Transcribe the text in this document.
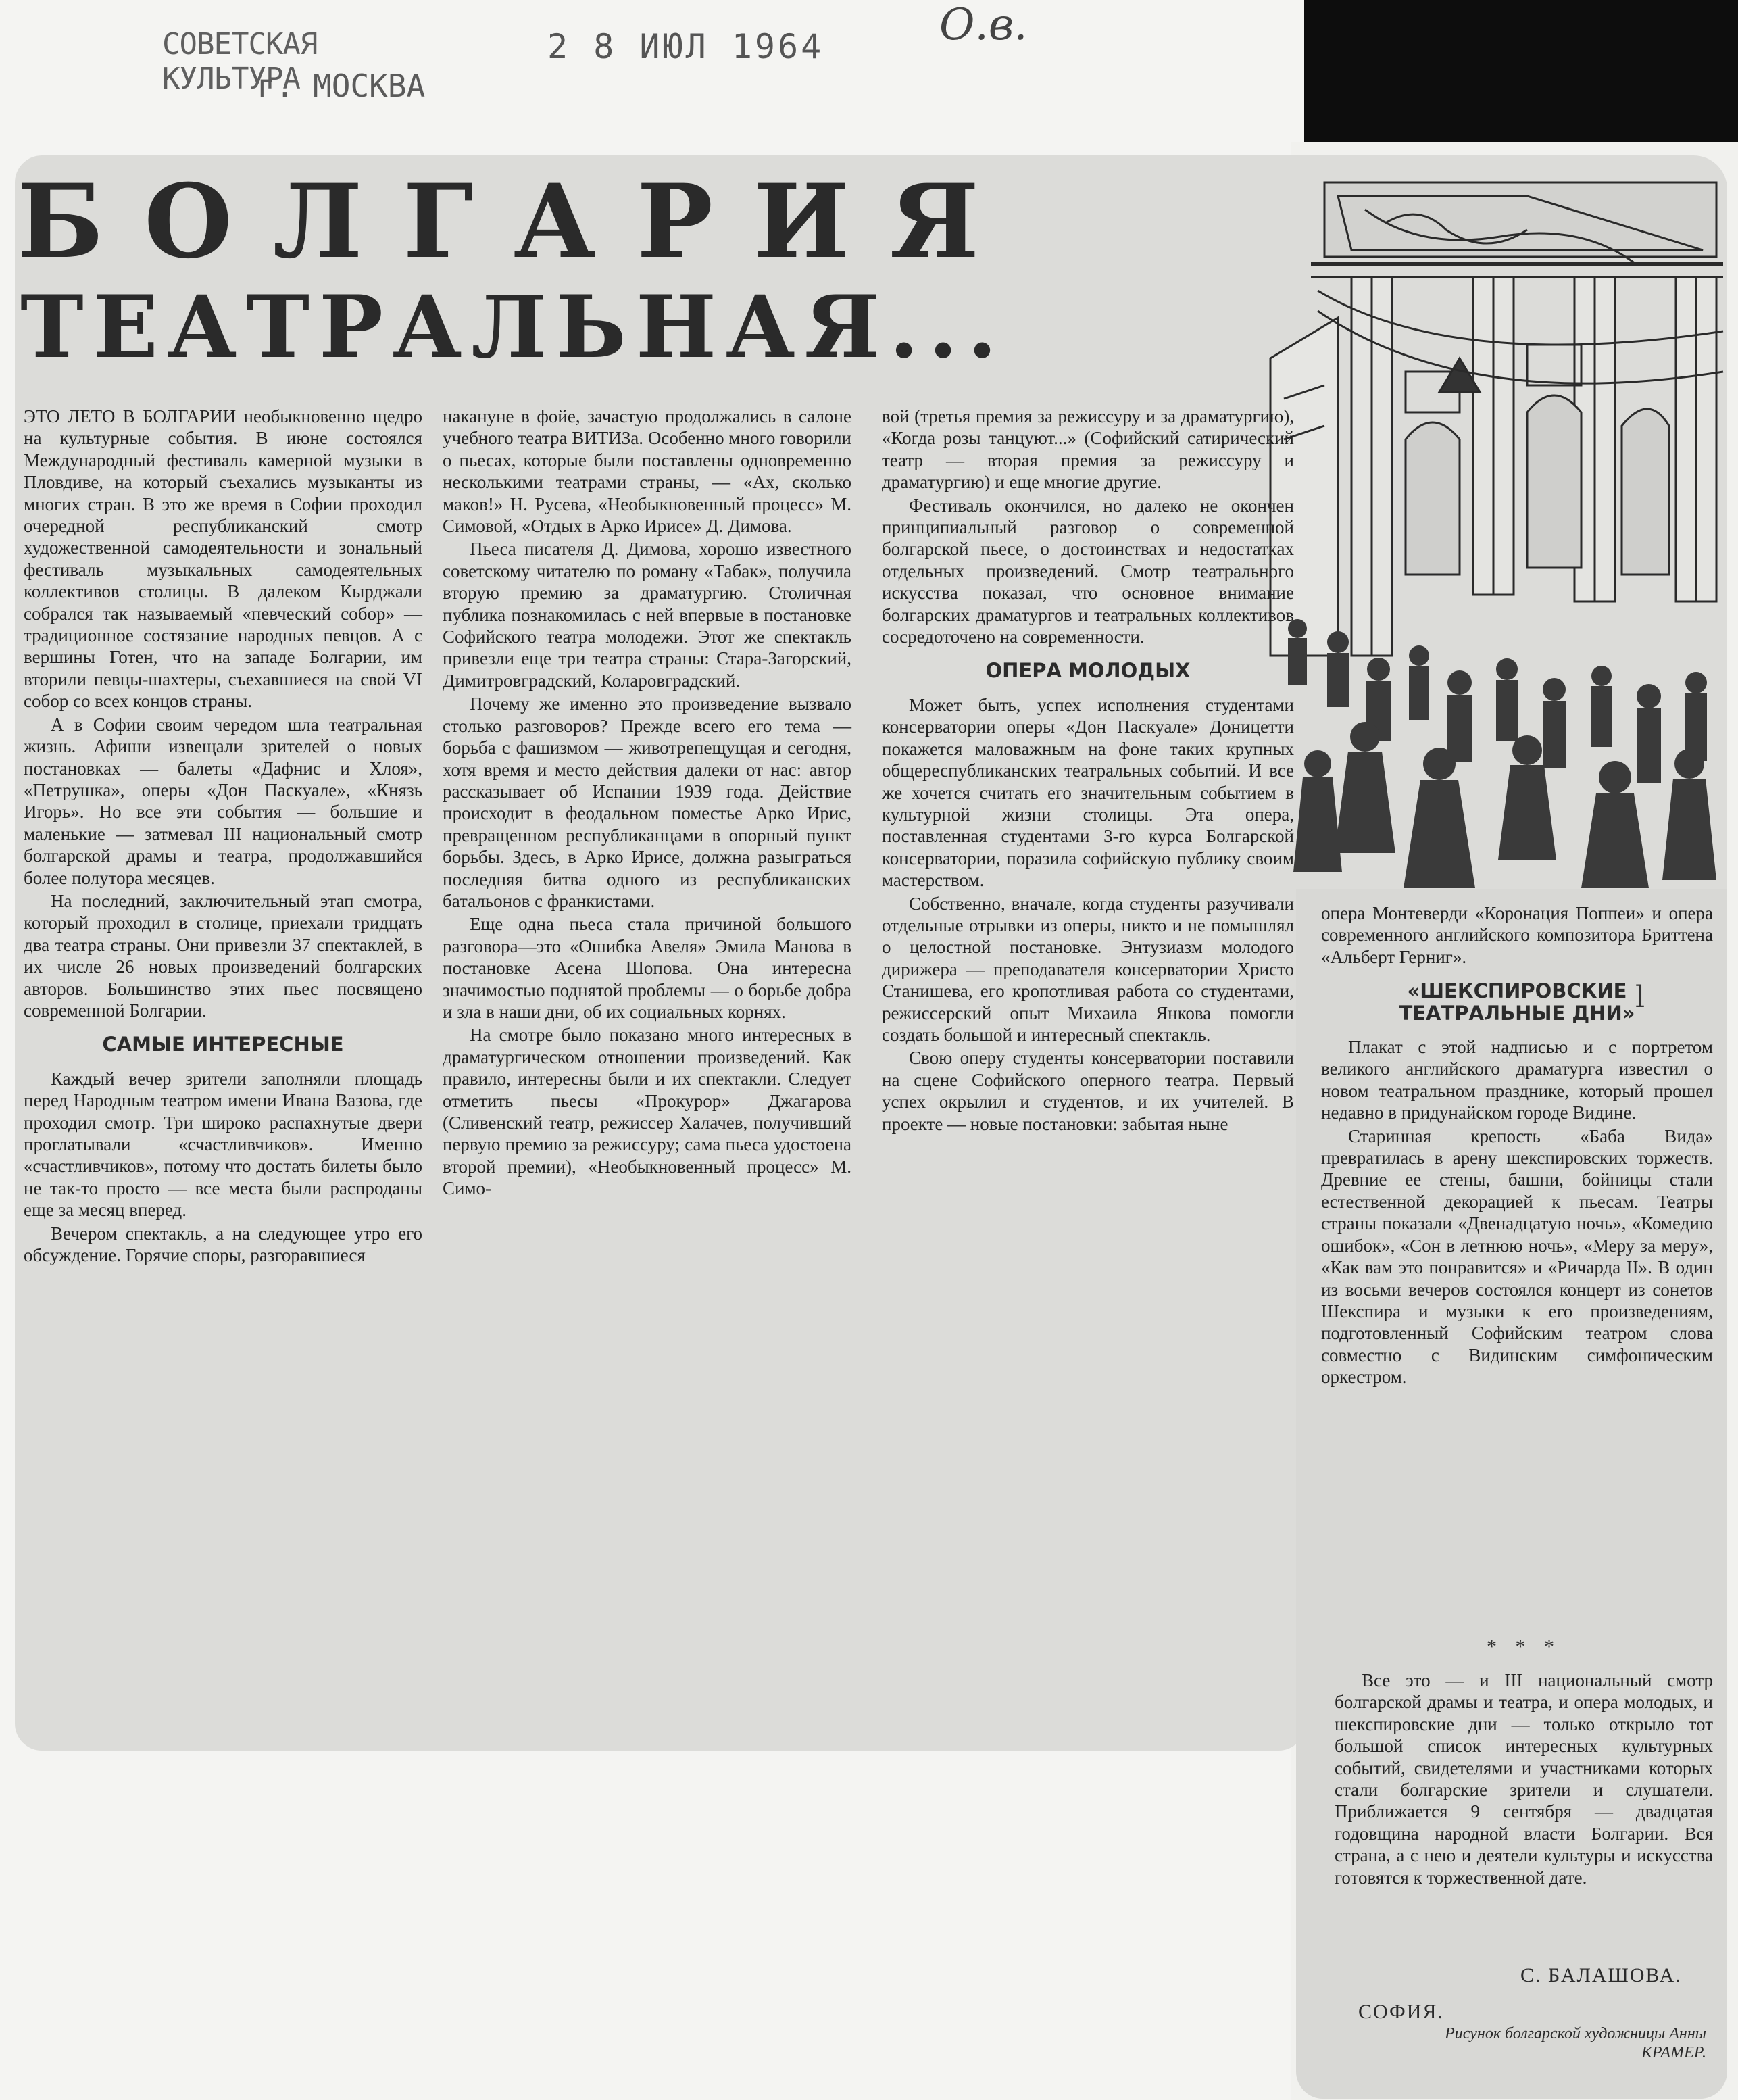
СОВЕТСКАЯ КУЛЬТУРА
г. МОСКВА
2 8 ИЮЛ 1964	О.в.
БОЛГАРИЯ
ТЕАТРАЛЬНАЯ...

ЭТО ЛЕТО В БОЛГАРИИ необыкновенно щедро на культурные события. В июне состоялся Международный фестиваль камерной музыки в Пловдиве, на который съехались музыканты из многих стран. В это же время в Софии проходил очередной республиканский смотр художественной самодеятельности и зональный фестиваль музыкальных самодеятельных коллективов столицы. В далеком Кырджали собрался так называемый «певческий собор» — традиционное состязание народных певцов. А с вершины Готен, что на западе Болгарии, им вторили певцы-шахтеры, съехавшиеся на свой VI собор со всех концов страны.

А в Софии своим чередом шла театральная жизнь. Афиши извещали зрителей о новых постановках — балеты «Дафнис и Хлоя», «Петрушка», оперы «Дон Паскуале», «Князь Игорь». Но все эти события — большие и маленькие — затмевал III национальный смотр болгарской драмы и театра, продолжавшийся более полутора месяцев.

На последний, заключительный этап смотра, который проходил в столице, приехали тридцать два театра страны. Они привезли 37 спектаклей, в их числе 26 новых произведений болгарских авторов. Большинство этих пьес посвящено современной Болгарии.

САМЫЕ ИНТЕРЕСНЫЕ

Каждый вечер зрители заполняли площадь перед Народным театром имени Ивана Вазова, где проходил смотр. Три широко распахнутые двери проглатывали «счастливчиков». Именно «счастливчиков», потому что достать билеты было не так-то просто — все места были распроданы еще за месяц вперед.

Вечером спектакль, а на следующее утро его обсуждение. Горячие споры, разгоравшиеся

накануне в фойе, зачастую продолжались в салоне учебного театра ВИТИЗа. Особенно много говорили о пьесах, которые были поставлены одновременно несколькими театрами страны, — «Ах, сколько маков!» Н. Русева, «Необыкновенный процесс» М. Симовой, «Отдых в Арко Ирисе» Д. Димова.

Пьеса писателя Д. Димова, хорошо известного советскому читателю по роману «Табак», получила вторую премию за драматургию. Столичная публика познакомилась с ней впервые в постановке Софийского театра молодежи. Этот же спектакль привезли еще три театра страны: Стара-Загорский, Димитровградский, Коларовградский.

Почему же именно это произведение вызвало столько разговоров? Прежде всего его тема — борьба с фашизмом — животрепещущая и сегодня, хотя время и место действия далеки от нас: автор рассказывает об Испании 1939 года. Действие происходит в феодальном поместье Арко Ирис, превращенном республиканцами в опорный пункт борьбы. Здесь, в Арко Ирисе, должна разыграться последняя битва одного из республиканских батальонов с франкистами.

Еще одна пьеса стала причиной большого разговора—это «Ошибка Авеля» Эмила Манова в постановке Асена Шопова. Она интересна значимостью поднятой проблемы — о борьбе добра и зла в наши дни, об их социальных корнях.

На смотре было показано много интересных в драматургическом отношении произведений. Как правило, интересны были и их спектакли. Следует отметить пьесы «Прокурор» Джагарова (Сливенский театр, режиссер Халачев, получивший первую премию за режиссуру; сама пьеса удостоена второй премии), «Необыкновенный процесс» М. Симо-

вой (третья премия за режиссуру и за драматургию), «Когда розы танцуют...» (Софийский сатирический театр — вторая премия за режиссуру и драматургию) и еще многие другие.

Фестиваль окончился, но далеко не окончен принципиальный разговор о современной болгарской пьесе, о достоинствах и недостатках отдельных произведений. Смотр театрального искусства показал, что основное внимание болгарских драматургов и театральных коллективов сосредоточено на современности.

ОПЕРА МОЛОДЫХ

Может быть, успех исполнения студентами консерватории оперы «Дон Паскуале» Доницетти покажется маловажным на фоне таких крупных общереспубликанских театральных событий. И все же хочется считать его значительным событием в культурной жизни столицы. Эта опера, поставленная студентами 3-го курса Болгарской консерватории, поразила софийскую публику своим мастерством.

Собственно, вначале, когда студенты разучивали отдельные отрывки из оперы, никто и не помышлял о целостной постановке. Энтузиазм молодого дирижера — преподавателя консерватории Христо Станишева, его кропотливая работа со студентами, режиссерский опыт Михаила Янкова помогли создать большой и интересный спектакль.

Свою оперу студенты консерватории поставили на сцене Софийского оперного театра. Первый успех окрылил и студентов, и их учителей. В проекте — новые постановки: забытая ныне

опера Монтеверди «Коронация Поппеи» и опера современного английского композитора Бриттена «Альберт Герниг».

«ШЕКСПИРОВСКИЕ ТЕАТРАЛЬНЫЕ ДНИ»

Плакат с этой надписью и с портретом великого английского драматурга известил о новом театральном празднике, который прошел недавно в придунайском городе Видине.

Старинная крепость «Баба Вида» превратилась в арену шекспировских торжеств. Древние ее стены, башни, бойницы стали естественной декорацией к пьесам. Театры страны показали «Двенадцатую ночь», «Комедию ошибок», «Сон в летнюю ночь», «Меру за меру», «Как вам это понравится» и «Ричарда II». В один из восьми вечеров состоялся концерт из сонетов Шекспира и музыки к его произведениям, подготовленный Софийским театром слова совместно с Видинским симфоническим оркестром.

ⅼ
* * *

Все это — и III национальный смотр болгарской драмы и театра, и опера молодых, и шекспировские дни — только открыло тот большой список интересных культурных событий, свидетелями и участниками которых стали болгарские зрители и слушатели. Приближается 9 сентября — двадцатая годовщина народной власти Болгарии. Вся страна, а с нею и деятели культуры и искусства готовятся к торжественной дате.

С. БАЛАШОВА.
СОФИЯ.
Рисунок болгарской художницы Анны КРАМЕР.
